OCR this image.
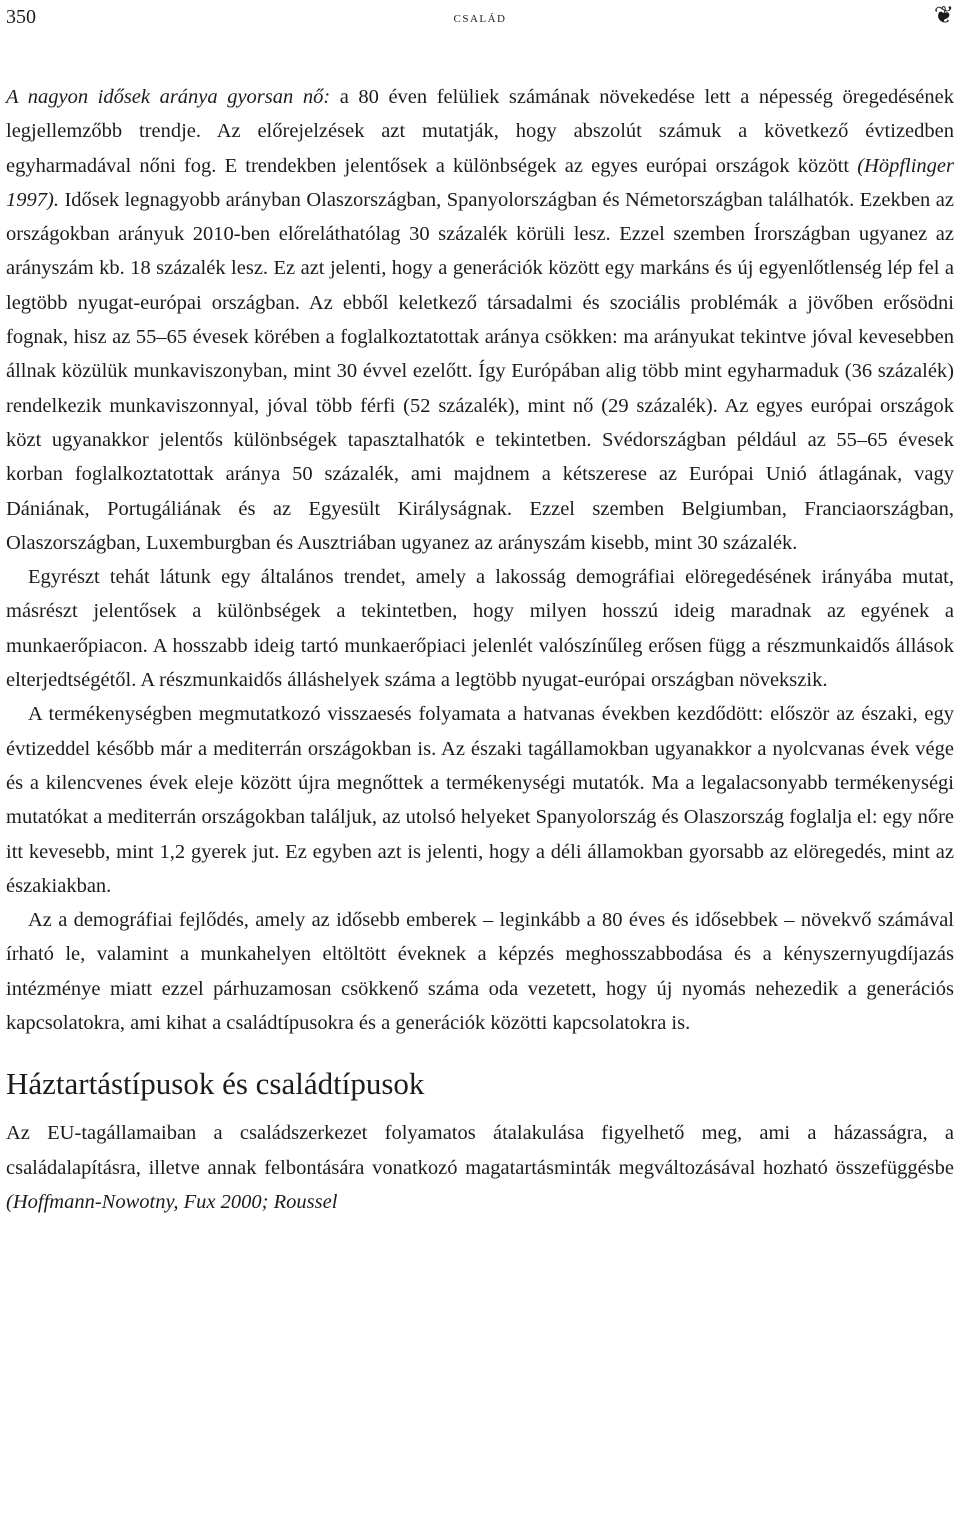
350	család	❦

A nagyon idősek aránya gyorsan nő: a 80 éven felüliek számának növekedése lett a népesség öregedésének legjellemzőbb trendje. Az előrejelzések azt mutatják, hogy abszolút számuk a következő évtizedben egyharmadával nőni fog. E trendekben jelentősek a különbségek az egyes európai országok között (Höpflinger 1997). Idősek legnagyobb arányban Olaszországban, Spanyolországban és Németországban találhatók. Ezekben az országokban arányuk 2010-ben előreláthatólag 30 százalék körüli lesz. Ezzel szemben Írországban ugyanez az arányszám kb. 18 százalék lesz. Ez azt jelenti, hogy a generációk között egy markáns és új egyenlőtlenség lép fel a legtöbb nyugat-európai országban. Az ebből keletkező társadalmi és szociális problémák a jövőben erősödni fognak, hisz az 55–65 évesek körében a foglalkoztatottak aránya csökken: ma arányukat tekintve jóval kevesebben állnak közülük munkaviszonyban, mint 30 évvel ezelőtt. Így Európában alig több mint egyharmaduk (36 százalék) rendelkezik munkaviszonnyal, jóval több férfi (52 százalék), mint nő (29 százalék). Az egyes európai országok közt ugyanakkor jelentős különbségek tapasztalhatók e tekintetben. Svédországban például az 55–65 évesek korban foglalkoztatottak aránya 50 százalék, ami majdnem a kétszerese az Európai Unió átlagának, vagy Dániának, Portugáliának és az Egyesült Királyságnak. Ezzel szemben Belgiumban, Franciaországban, Olaszországban, Luxemburgban és Ausztriában ugyanez az arányszám kisebb, mint 30 százalék.

Egyrészt tehát látunk egy általános trendet, amely a lakosság demográfiai elöregedésének irányába mutat, másrészt jelentősek a különbségek a tekintetben, hogy milyen hosszú ideig maradnak az egyének a munkaerőpiacon. A hosszabb ideig tartó munkaerőpiaci jelenlét valószínűleg erősen függ a részmunkaidős állások elterjedtségétől. A részmunkaidős álláshelyek száma a legtöbb nyugat-európai országban növekszik.

A termékenységben megmutatkozó visszaesés folyamata a hatvanas években kezdődött: először az északi, egy évtizeddel később már a mediterrán országokban is. Az északi tagállamokban ugyanakkor a nyolcvanas évek vége és a kilencvenes évek eleje között újra megnőttek a termékenységi mutatók. Ma a legalacsonyabb termékenységi mutatókat a mediterrán országokban találjuk, az utolsó helyeket Spanyolország és Olaszország foglalja el: egy nőre itt kevesebb, mint 1,2 gyerek jut. Ez egyben azt is jelenti, hogy a déli államokban gyorsabb az elöregedés, mint az északiakban.

Az a demográfiai fejlődés, amely az idősebb emberek – leginkább a 80 éves és idősebbek – növekvő számával írható le, valamint a munkahelyen eltöltött éveknek a képzés meghosszabbodása és a kényszernyugdíjazás intézménye miatt ezzel párhuzamosan csökkenő száma oda vezetett, hogy új nyomás nehezedik a generációs kapcsolatokra, ami kihat a családtípusokra és a generációk közötti kapcsolatokra is.

Háztartástípusok és családtípusok

Az EU-tagállamaiban a családszerkezet folyamatos átalakulása figyelhető meg, ami a házasságra, a családalapításra, illetve annak felbontására vonatkozó magatartásminták megváltozásával hozható összefüggésbe (Hoffmann-Nowotny, Fux 2000; Roussel
